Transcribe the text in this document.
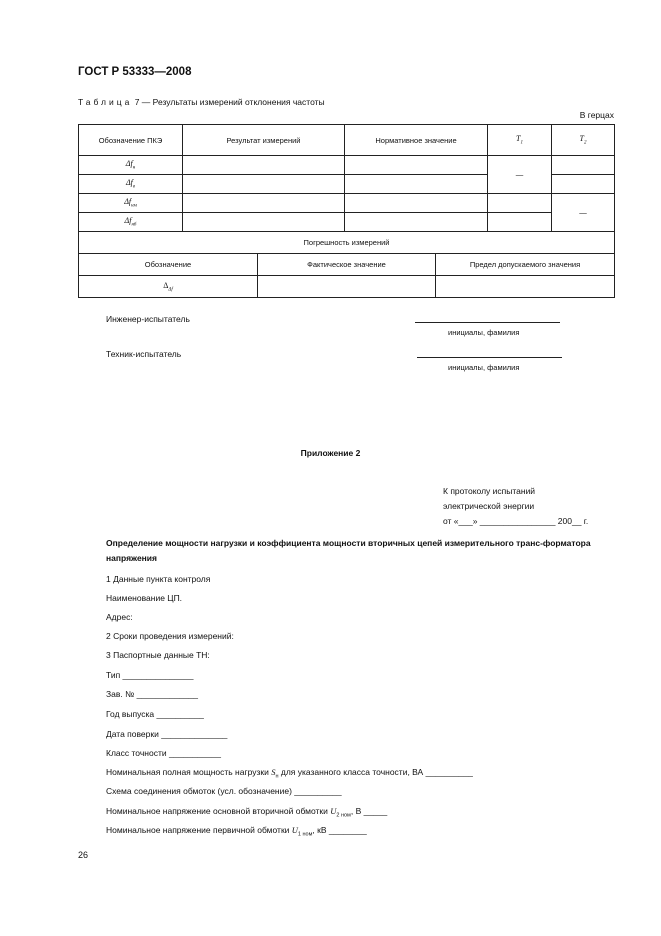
ГОСТ Р 53333—2008
Таблица 7 — Результаты измерений отклонения частоты
В герцах
Обозначение ПКЭ	Результат измерений	Нормативное значение	$T_1$	$T_2$
$\Delta f_н$			—	
$\Delta f_в$			
$\Delta f_{нм}$				—
$\Delta f_{нб}$			
Погрешность измерений		
Обозначение	Фактическое значение	Предел допускаемого значения
$\Delta_{\Delta f}$		
Инженер-испытатель
инициалы, фамилия
Техник-испытатель
инициалы, фамилия
Приложение 2
К протоколу испытаний
электрической энергии
от «___» ________________ 200__ г.
Определение мощности нагрузки и коэффициента мощности вторичных цепей измерительного транс-форматора напряжения
1 Данные пункта контроля
Наименование ЦП.
Адрес:
2 Сроки проведения измерений:
3 Паспортные данные ТН:
Тип _______________
Зав. № _____________
Год выпуска __________
Дата поверки ______________
Класс точности ___________
Номинальная полная мощность нагрузки $S_н$ для указанного класса точности, ВА __________
Схема соединения обмоток (усл. обозначение) __________
Номинальное напряжение основной вторичной обмотки $U_{2 ном}$, В _____
Номинальное напряжение первичной обмотки $U_{1 ном}$, кВ ________
26
